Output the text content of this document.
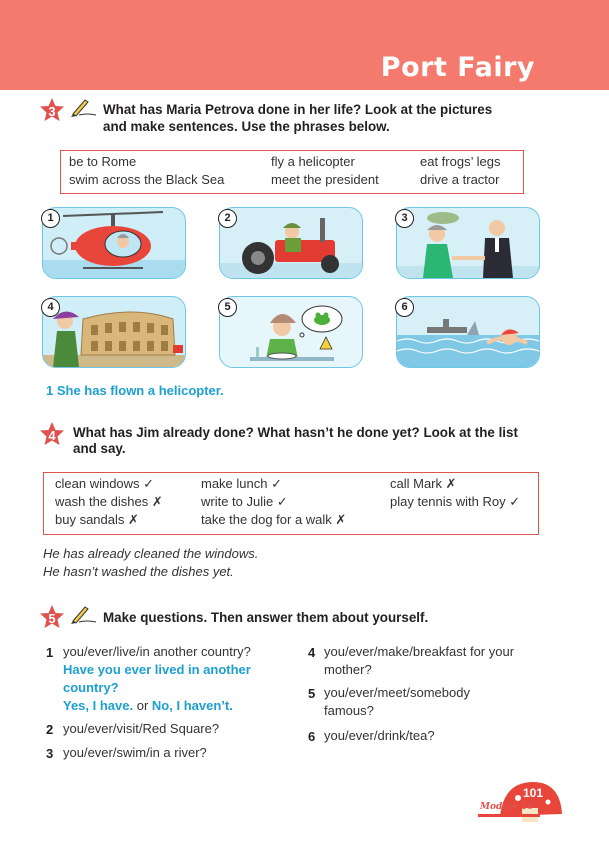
Port Fairy
3	What has Maria Petrova done in her life? Look at the pictures
and make sentences. Use the phrases below.
be to Rome	fly a helicopter	eat frogs’ legs
swim across the Black Sea	meet the president	drive a tractor
1	2	3
4	5	6
1 She has flown a helicopter.
4	What has Jim already done? What hasn’t he done yet? Look at the list
and say.
clean windows ✓	make lunch ✓	call Mark ✗
wash the dishes ✗	write to Julie ✓	play tennis with Roy ✓
buy sandals ✗	take the dog for a walk ✗
He has already cleaned the windows.
He hasn’t washed the dishes yet.
5	Make questions. Then answer them about yourself.
1 you/ever/live/in another country?
Have you ever lived in another
country?
Yes, I have. or No, I haven’t.
2 you/ever/visit/Red Square?
3 you/ever/swim/in a river?
4 you/ever/make/breakfast for your
mother?
5 you/ever/meet/somebody
famous?
6 you/ever/drink/tea?
101
Module 10
